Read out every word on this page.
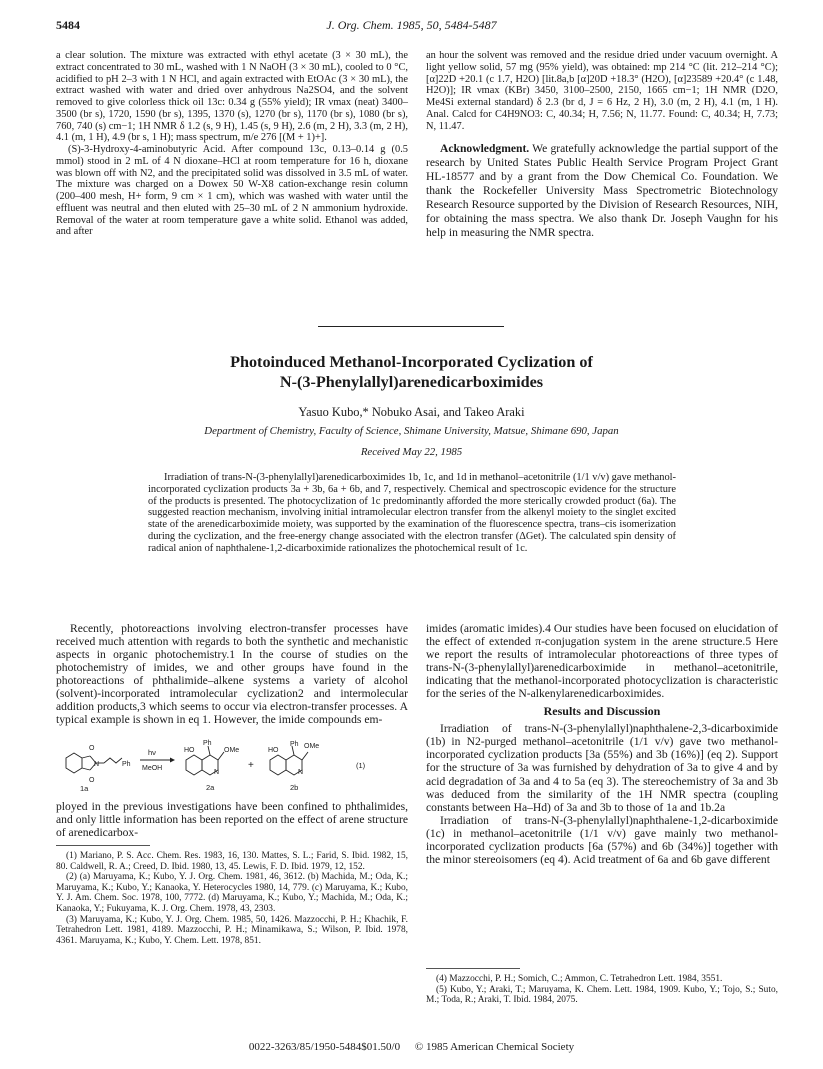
5484	J. Org. Chem. 1985, 50, 5484-5487

a clear solution. The mixture was extracted with ethyl acetate (3 × 30 mL), the extract concentrated to 30 mL, washed with 1 N NaOH (3 × 30 mL), cooled to 0 °C, acidified to pH 2–3 with 1 N HCl, and again extracted with EtOAc (3 × 30 mL), the extract washed with water and dried over anhydrous Na2SO4, and the solvent removed to give colorless thick oil 13c: 0.34 g (55% yield); IR νmax (neat) 3400–3500 (br s), 1720, 1590 (br s), 1395, 1370 (s), 1270 (br s), 1170 (br s), 1080 (br s), 760, 740 (s) cm−1; 1H NMR δ 1.2 (s, 9 H), 1.45 (s, 9 H), 2.6 (m, 2 H), 3.3 (m, 2 H), 4.1 (m, 1 H), 4.9 (br s, 1 H); mass spectrum, m/e 276 [(M + 1)+].

(S)-3-Hydroxy-4-aminobutyric Acid. After compound 13c, 0.13–0.14 g (0.5 mmol) stood in 2 mL of 4 N dioxane–HCl at room temperature for 16 h, dioxane was blown off with N2, and the precipitated solid was dissolved in 3.5 mL of water. The mixture was charged on a Dowex 50 W-X8 cation-exchange resin column (200–400 mesh, H+ form, 9 cm × 1 cm), which was washed with water until the effluent was neutral and then eluted with 25–30 mL of 2 N ammonium hydroxide. Removal of the water at room temperature gave a white solid. Ethanol was added, and after

an hour the solvent was removed and the residue dried under vacuum overnight. A light yellow solid, 57 mg (95% yield), was obtained: mp 214 °C (lit. 212–214 °C); [α]22D +20.1 (c 1.7, H2O) [lit.8a,b [α]20D +18.3° (H2O), [α]23589 +20.4° (c 1.48, H2O)]; IR νmax (KBr) 3450, 3100–2500, 2150, 1665 cm−1; 1H NMR (D2O, Me4Si external standard) δ 2.3 (br d, J = 6 Hz, 2 H), 3.0 (m, 2 H), 4.1 (m, 1 H). Anal. Calcd for C4H9NO3: C, 40.34; H, 7.56; N, 11.77. Found: C, 40.34; H, 7.73; N, 11.47.

Acknowledgment. We gratefully acknowledge the partial support of the research by United States Public Health Service Program Project Grant HL-18577 and by a grant from the Dow Chemical Co. Foundation. We thank the Rockefeller University Mass Spectrometric Biotechnology Research Resource supported by the Division of Research Resources, NIH, for obtaining the mass spectra. We also thank Dr. Joseph Vaughn for his help in measuring the NMR spectra.

Photoinduced Methanol-Incorporated Cyclization of
N-(3-Phenylallyl)arenedicarboximides
Yasuo Kubo,* Nobuko Asai, and Takeo Araki
Department of Chemistry, Faculty of Science, Shimane University, Matsue, Shimane 690, Japan
Received May 22, 1985
Irradiation of trans-N-(3-phenylallyl)arenedicarboximides 1b, 1c, and 1d in methanol–acetonitrile (1/1 v/v) gave methanol-incorporated cyclization products 3a + 3b, 6a + 6b, and 7, respectively. Chemical and spectroscopic evidence for the structure of the products is presented. The photocyclization of 1c predominantly afforded the more sterically crowded product (6a). The suggested reaction mechanism, involving initial intramolecular electron transfer from the alkenyl moiety to the singlet excited state of the arenedicarboximide moiety, was supported by the examination of the fluorescence spectra, trans–cis isomerization during the cyclization, and the free-energy change associated with the electron transfer (ΔGet). The calculated spin density of radical anion of naphthalene-1,2-dicarboximide rationalizes the photochemical result of 1c.

Recently, photoreactions involving electron-transfer processes have received much attention with regards to both the synthetic and mechanistic aspects in organic photochemistry.1 In the course of studies on the photochemistry of imides, we and other groups have found in the photoreactions of phthalimide–alkene systems a variety of alcohol (solvent)-incorporated intramolecular cyclization2 and intermolecular addition products,3 which seems to occur via electron-transfer processes. A typical example is shown in eq 1. However, the imide compounds em-

O
O
N	Ph
1a
hν
MeOH
Ph
OMe
HO
N
2a
+
Ph OMe
HO
N
2b
(1)

ployed in the previous investigations have been confined to phthalimides, and only little information has been reported on the effect of arene structure of arenedicarbox-

(1) Mariano, P. S. Acc. Chem. Res. 1983, 16, 130. Mattes, S. L.; Farid, S. Ibid. 1982, 15, 80. Caldwell, R. A.; Creed, D. Ibid. 1980, 13, 45. Lewis, F. D. Ibid. 1979, 12, 152.

(2) (a) Maruyama, K.; Kubo, Y. J. Org. Chem. 1981, 46, 3612. (b) Machida, M.; Oda, K.; Maruyama, K.; Kubo, Y.; Kanaoka, Y. Heterocycles 1980, 14, 779. (c) Maruyama, K.; Kubo, Y. J. Am. Chem. Soc. 1978, 100, 7772. (d) Maruyama, K.; Kubo, Y.; Machida, M.; Oda, K.; Kanaoka, Y.; Fukuyama, K. J. Org. Chem. 1978, 43, 2303.

(3) Maruyama, K.; Kubo, Y. J. Org. Chem. 1985, 50, 1426. Mazzocchi, P. H.; Khachik, F. Tetrahedron Lett. 1981, 4189. Mazzocchi, P. H.; Minamikawa, S.; Wilson, P. Ibid. 1978, 4361. Maruyama, K.; Kubo, Y. Chem. Lett. 1978, 851.

imides (aromatic imides).4 Our studies have been focused on elucidation of the effect of extended π-conjugation system in the arene structure.5 Here we report the results of intramolecular photoreactions of three types of trans-N-(3-phenylallyl)arenedicarboximide in methanol–acetonitrile, indicating that the methanol-incorporated photocyclization is characteristic for the series of the N-alkenylarenedicarboximides.

Results and Discussion

Irradiation of trans-N-(3-phenylallyl)naphthalene-2,3-dicarboximide (1b) in N2-purged methanol–acetonitrile (1/1 v/v) gave two methanol-incorporated cyclization products [3a (55%) and 3b (16%)] (eq 2). Support for the structure of 3a was furnished by dehydration of 3a to give 4 and by acid degradation of 3a and 4 to 5a (eq 3). The stereochemistry of 3a and 3b was deduced from the similarity of the 1H NMR spectra (coupling constants between Ha–Hd) of 3a and 3b to those of 1a and 1b.2a

Irradiation of trans-N-(3-phenylallyl)naphthalene-1,2-dicarboximide (1c) in methanol–acetonitrile (1/1 v/v) gave mainly two methanol-incorporated cyclization products [6a (57%) and 6b (34%)] together with the minor stereoisomers (eq 4). Acid treatment of 6a and 6b gave different

(4) Mazzocchi, P. H.; Somich, C.; Ammon, C. Tetrahedron Lett. 1984, 3551.

(5) Kubo, Y.; Araki, T.; Maruyama, K. Chem. Lett. 1984, 1909. Kubo, Y.; Tojo, S.; Suto, M.; Toda, R.; Araki, T. Ibid. 1984, 2075.

0022-3263/85/1950-5484$01.50/0 © 1985 American Chemical Society
